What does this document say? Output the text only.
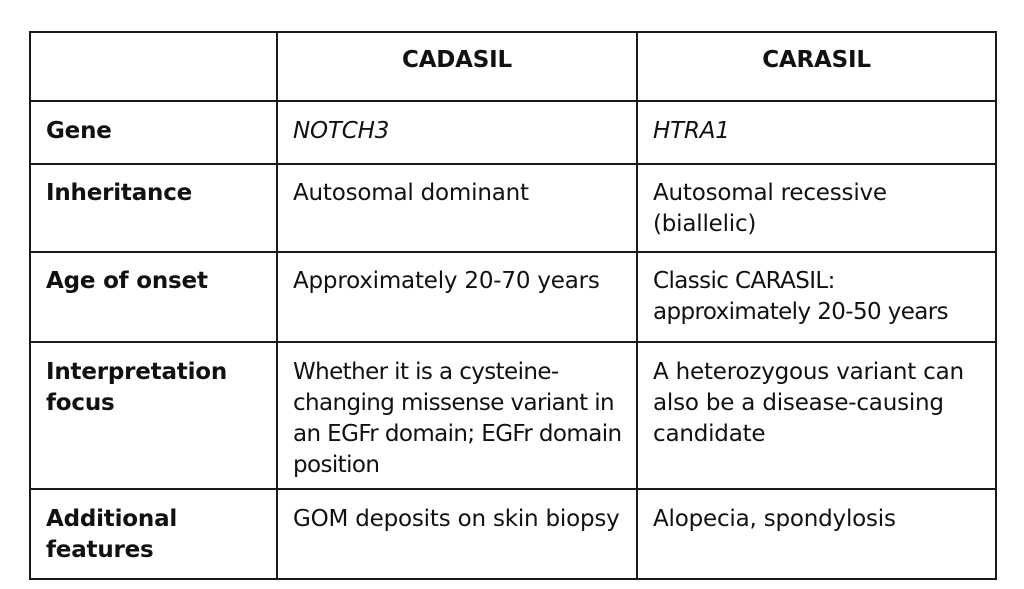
	CADASIL	CARASIL
Gene	NOTCH3	HTRA1
Inheritance	Autosomal dominant	Autosomal recessive (biallelic)
Age of onset	Approximately 20-70 years	Classic CARASIL: approximately 20-50 years
Interpretation focus	Whether it is a cysteine-changing missense variant in an EGFr domain; EGFr domain position	A heterozygous variant can also be a disease-causing candidate
Additional features	GOM deposits on skin biopsy	Alopecia, spondylosis
